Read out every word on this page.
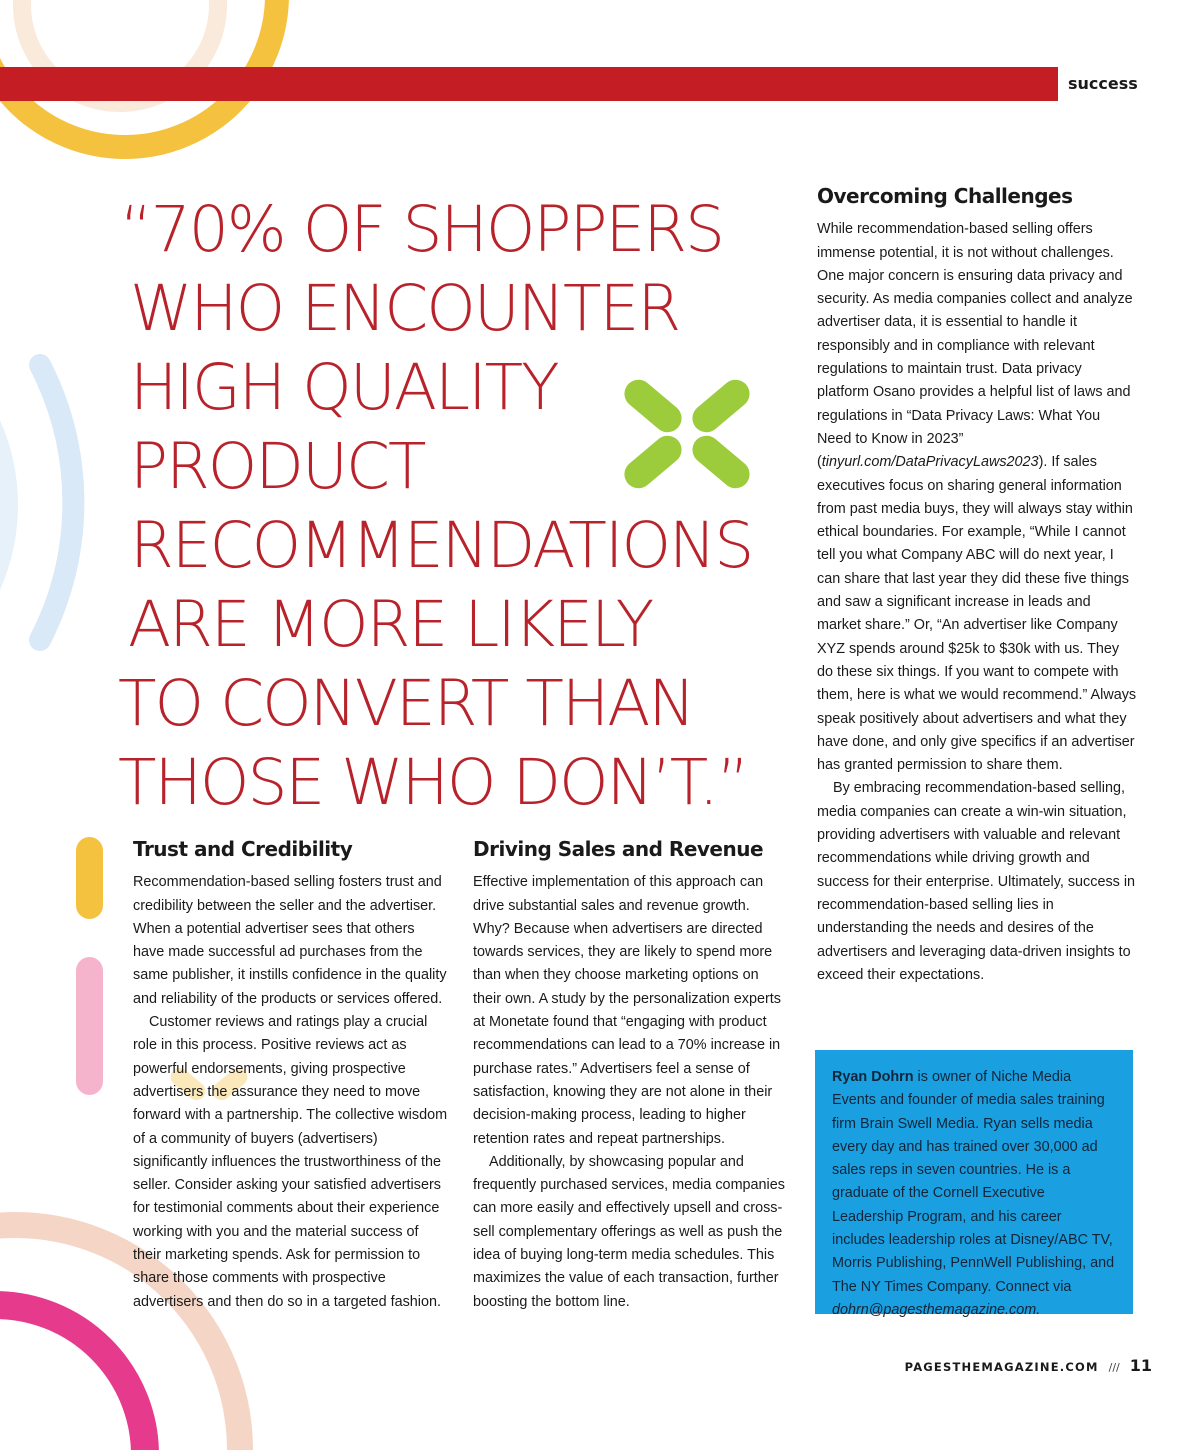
success
“70% OF SHOPPERS
WHO ENCOUNTER
HIGH QUALITY
PRODUCT
RECOMMENDATIONS
ARE MORE LIKELY
TO CONVERT THAN
THOSE WHO DON’T.”
Trust and Credibility

Recommendation-based selling fosters trust and credibility between the seller and the advertiser. When a potential advertiser sees that others have made successful ad purchases from the same publisher, it instills confidence in the quality and reliability of the products or services offered.

Customer reviews and ratings play a crucial role in this process. Positive reviews act as powerful endorsements, giving prospective advertisers the assurance they need to move forward with a partnership. The collective wisdom of a community of buyers (advertisers) significantly influences the trustworthiness of the seller. Consider asking your satisfied advertisers for testimonial comments about their experience working with you and the material success of their marketing spends. Ask for permission to share those comments with prospective advertisers and then do so in a targeted fashion.

Driving Sales and Revenue

Effective implementation of this approach can drive substantial sales and revenue growth. Why? Because when advertisers are directed towards services, they are likely to spend more than when they choose marketing options on their own. A study by the personalization experts at Monetate found that “engaging with product recommendations can lead to a 70% increase in purchase rates.” Advertisers feel a sense of satisfaction, knowing they are not alone in their decision-making process, leading to higher retention rates and repeat partnerships.

Additionally, by showcasing popular and frequently purchased services, media companies can more easily and effectively upsell and cross-sell complementary offerings as well as push the idea of buying long-term media schedules. This maximizes the value of each transaction, further boosting the bottom line.

Overcoming Challenges

While recommendation-based selling offers immense potential, it is not without challenges. One major concern is ensuring data privacy and security. As media companies collect and analyze advertiser data, it is essential to handle it responsibly and in compliance with relevant regulations to maintain trust. Data privacy platform Osano provides a helpful list of laws and regulations in “Data Privacy Laws: What You Need to Know in 2023” (tinyurl.com/DataPrivacyLaws2023). If sales executives focus on sharing general information from past media buys, they will always stay within ethical boundaries. For example, “While I cannot tell you what Company ABC will do next year, I can share that last year they did these five things and saw a significant increase in leads and market share.” Or, “An advertiser like Company XYZ spends around $25k to $30k with us. They do these six things. If you want to compete with them, here is what we would recommend.” Always speak positively about advertisers and what they have done, and only give specifics if an advertiser has granted permission to share them.

By embracing recommendation-based selling, media companies can create a win-win situation, providing advertisers with valuable and relevant recommendations while driving growth and success for their enterprise. Ultimately, success in recommendation-based selling lies in understanding the needs and desires of the advertisers and leveraging data-driven insights to exceed their expectations.

Ryan Dohrn is owner of Niche Media Events and founder of media sales training firm Brain Swell Media. Ryan sells media every day and has trained over 30,000 ad sales reps in seven countries. He is a graduate of the Cornell Executive Leadership Program, and his career includes leadership roles at Disney/ABC TV, Morris Publishing, PennWell Publishing, and The NY Times Company. Connect via dohrn@pagesthemagazine.com.
PAGESTHEMAGAZINE.COM /// 11
